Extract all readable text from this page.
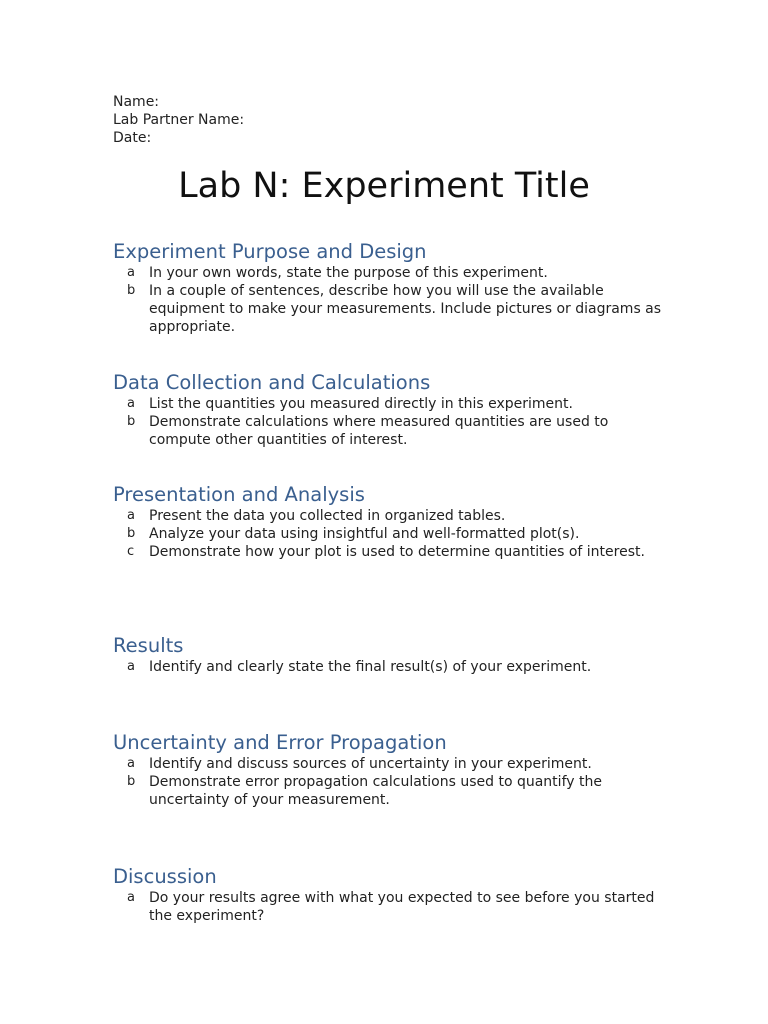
Name:
Lab Partner Name:
Date:
Lab N: Experiment Title
Experiment Purpose and Design
a In your own words, state the purpose of this experiment.
b In a couple of sentences, describe how you will use the available equipment to make your measurements. Include pictures or diagrams as appropriate.
Data Collection and Calculations
a List the quantities you measured directly in this experiment.
b Demonstrate calculations where measured quantities are used to compute other quantities of interest.
Presentation and Analysis
a Present the data you collected in organized tables.
b Analyze your data using insightful and well-formatted plot(s).
c Demonstrate how your plot is used to determine quantities of interest.
Results
a Identify and clearly state the final result(s) of your experiment.
Uncertainty and Error Propagation
a Identify and discuss sources of uncertainty in your experiment.
b Demonstrate error propagation calculations used to quantify the uncertainty of your measurement.
Discussion
a Do your results agree with what you expected to see before you started the experiment?
